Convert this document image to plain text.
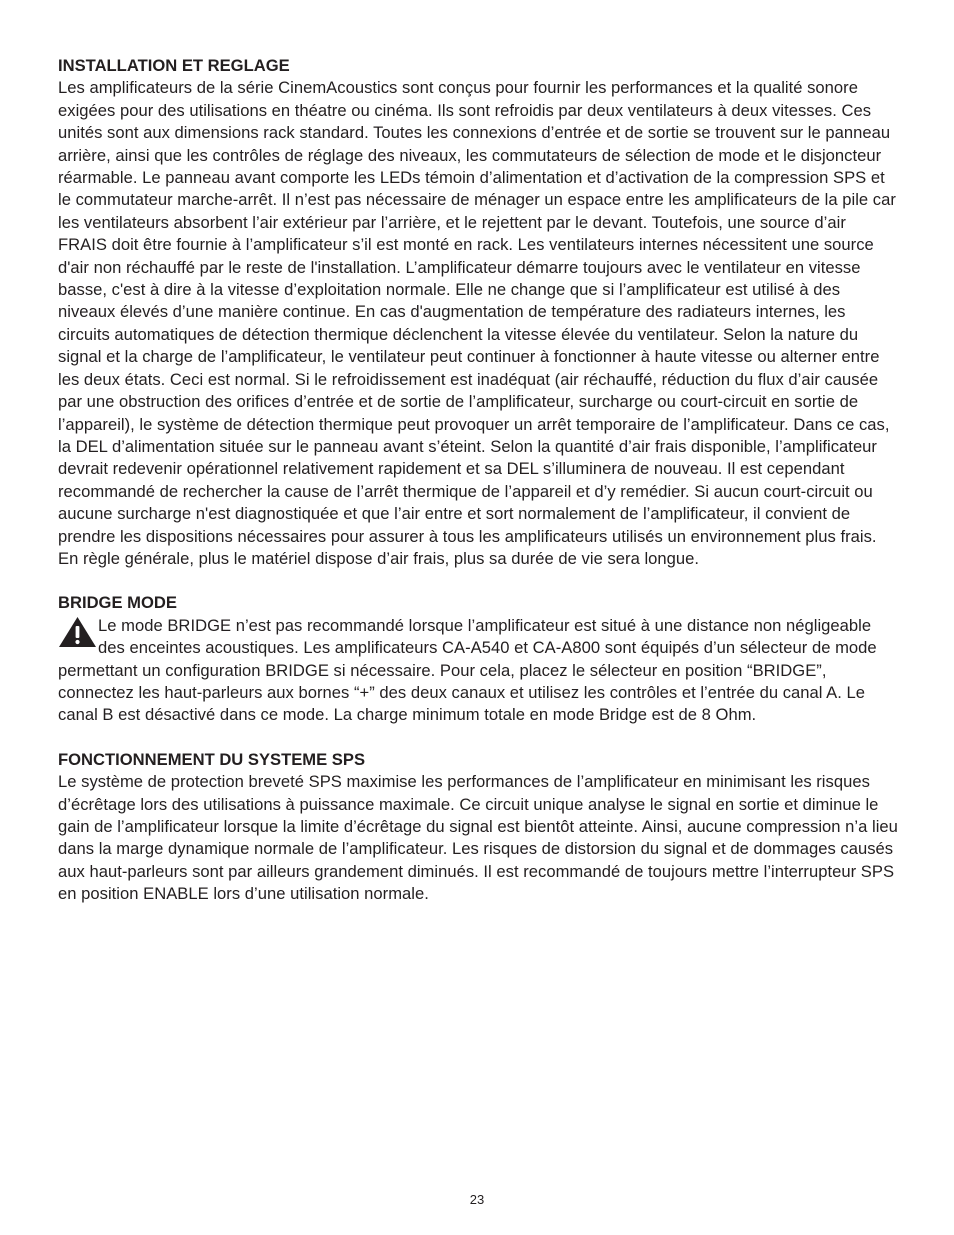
INSTALLATION ET REGLAGE

Les amplificateurs de la série CinemAcoustics sont conçus pour fournir les performances et la qualité sonore exigées pour des utilisations en théatre ou cinéma. Ils sont refroidis par deux ventilateurs à deux vitesses. Ces unités sont aux dimensions rack standard. Toutes les connexions d’entrée et de sortie se trouvent sur le panneau arrière, ainsi que les contrôles de réglage des niveaux, les commutateurs de sélection de mode et le disjoncteur réarmable. Le panneau avant comporte les LEDs témoin d’alimentation et d’activation de la compression SPS et le commutateur marche-arrêt. Il n’est pas nécessaire de ménager un espace entre les amplificateurs de la pile car les ventilateurs absorbent l’air extérieur par l’arrière, et le rejettent par le devant. Toutefois, une source d’air FRAIS doit être fournie à l’amplificateur s’il est monté en rack. Les ventilateurs internes nécessitent une source d'air non réchauffé par le reste de l'installation. L’amplificateur démarre toujours avec le ventilateur en vitesse basse, c'est à dire à la vitesse d’exploitation normale. Elle ne change que si l’amplificateur est utilisé à des niveaux élevés d’une manière continue. En cas d'augmentation de température des radiateurs internes, les circuits automatiques de détection thermique déclenchent la vitesse élevée du ventilateur. Selon la nature du signal et la charge de l’amplificateur, le ventilateur peut continuer à fonctionner à haute vitesse ou alterner entre les deux états. Ceci est normal. Si le refroidissement est inadéquat (air réchauffé, réduction du flux d’air causée par une obstruction des orifices d’entrée et de sortie de l’amplificateur, surcharge ou court-circuit en sortie de l’appareil), le système de détection thermique peut provoquer un arrêt temporaire de l’amplificateur. Dans ce cas, la DEL d’alimentation située sur le panneau avant s’éteint. Selon la quantité d’air frais disponible, l’amplificateur devrait redevenir opérationnel relativement rapidement et sa DEL s’illuminera de nouveau. Il est cependant recommandé de rechercher la cause de l’arrêt thermique de l’appareil et d’y remédier. Si aucun court-circuit ou aucune surcharge n'est diagnostiquée et que l’air entre et sort normalement de l’amplificateur, il convient de prendre les dispositions nécessaires pour assurer à tous les amplificateurs utilisés un environnement plus frais. En règle générale, plus le matériel dispose d’air frais, plus sa durée de vie sera longue.

BRIDGE MODE

Le mode BRIDGE n’est pas recommandé lorsque l’amplificateur est situé à une distance non négligeable des enceintes acoustiques. Les amplificateurs CA-A540 et CA-A800 sont équipés d’un sélecteur de mode permettant un configuration BRIDGE si nécessaire. Pour cela, placez le sélecteur en position “BRIDGE”, connectez les haut-parleurs aux bornes “+” des deux canaux et utilisez les contrôles et l’entrée du canal A. Le canal B est désactivé dans ce mode. La charge minimum totale en mode Bridge est de 8 Ohm.

FONCTIONNEMENT DU SYSTEME SPS

Le système de protection breveté SPS maximise les performances de l’amplificateur en minimisant les risques d’écrêtage lors des utilisations à puissance maximale. Ce circuit unique analyse le signal en sortie et diminue le gain de l’amplificateur lorsque la limite d’écrêtage du signal est bientôt atteinte. Ainsi, aucune compression n’a lieu dans la marge dynamique normale de l’amplificateur. Les risques de distorsion du signal et de dommages causés aux haut-parleurs sont par ailleurs grandement diminués. Il est recommandé de toujours mettre l’interrupteur SPS en position ENABLE lors d’une utilisation normale.

23
